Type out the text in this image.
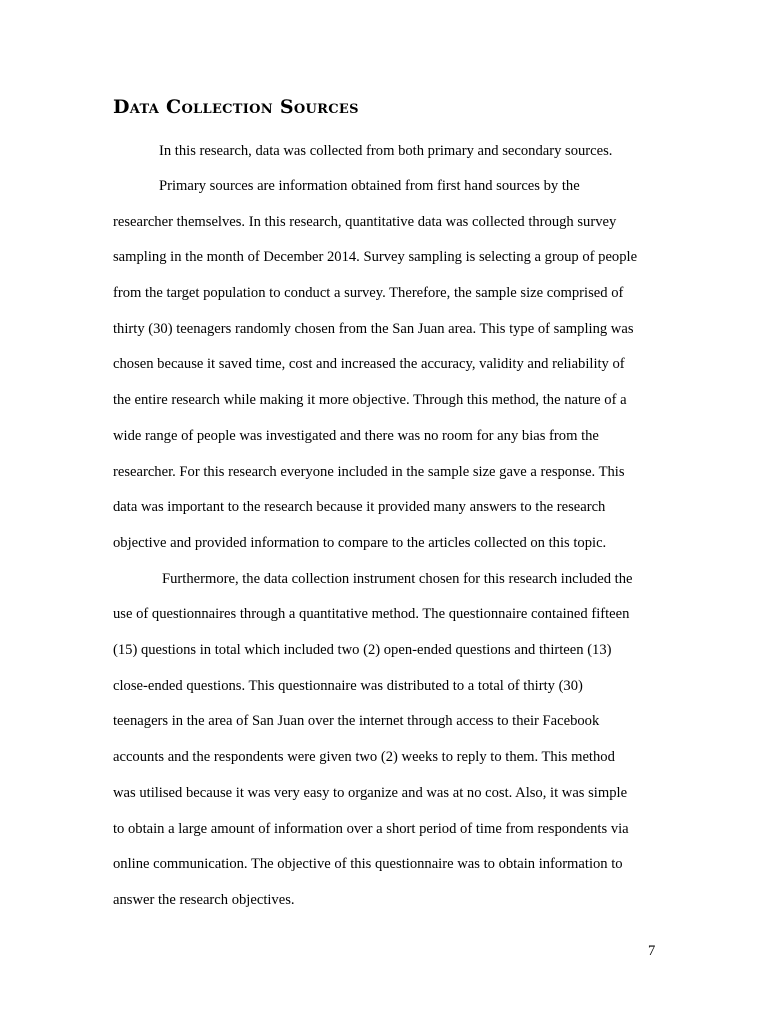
Data Collection Sources

In this research, data was collected from both primary and secondary sources.

Primary sources are information obtained from first hand sources by the

researcher themselves. In this research, quantitative data was collected through survey

sampling in the month of December 2014. Survey sampling is selecting a group of people

from the target population to conduct a survey. Therefore, the sample size comprised of

thirty (30) teenagers randomly chosen from the San Juan area. This type of sampling was

chosen because it saved time, cost and increased the accuracy, validity and reliability of

the entire research while making it more objective. Through this method, the nature of a

wide range of people was investigated and there was no room for any bias from the

researcher. For this research everyone included in the sample size gave a response. This

data was important to the research because it provided many answers to the research

objective and provided information to compare to the articles collected on this topic.

Furthermore, the data collection instrument chosen for this research included the

use of questionnaires through a quantitative method. The questionnaire contained fifteen

(15) questions in total which included two (2) open-ended questions and thirteen (13)

close-ended questions. This questionnaire was distributed to a total of thirty (30)

teenagers in the area of San Juan over the internet through access to their Facebook

accounts and the respondents were given two (2) weeks to reply to them. This method

was utilised because it was very easy to organize and was at no cost. Also, it was simple

to obtain a large amount of information over a short period of time from respondents via

online communication. The objective of this questionnaire was to obtain information to

answer the research objectives.

7
